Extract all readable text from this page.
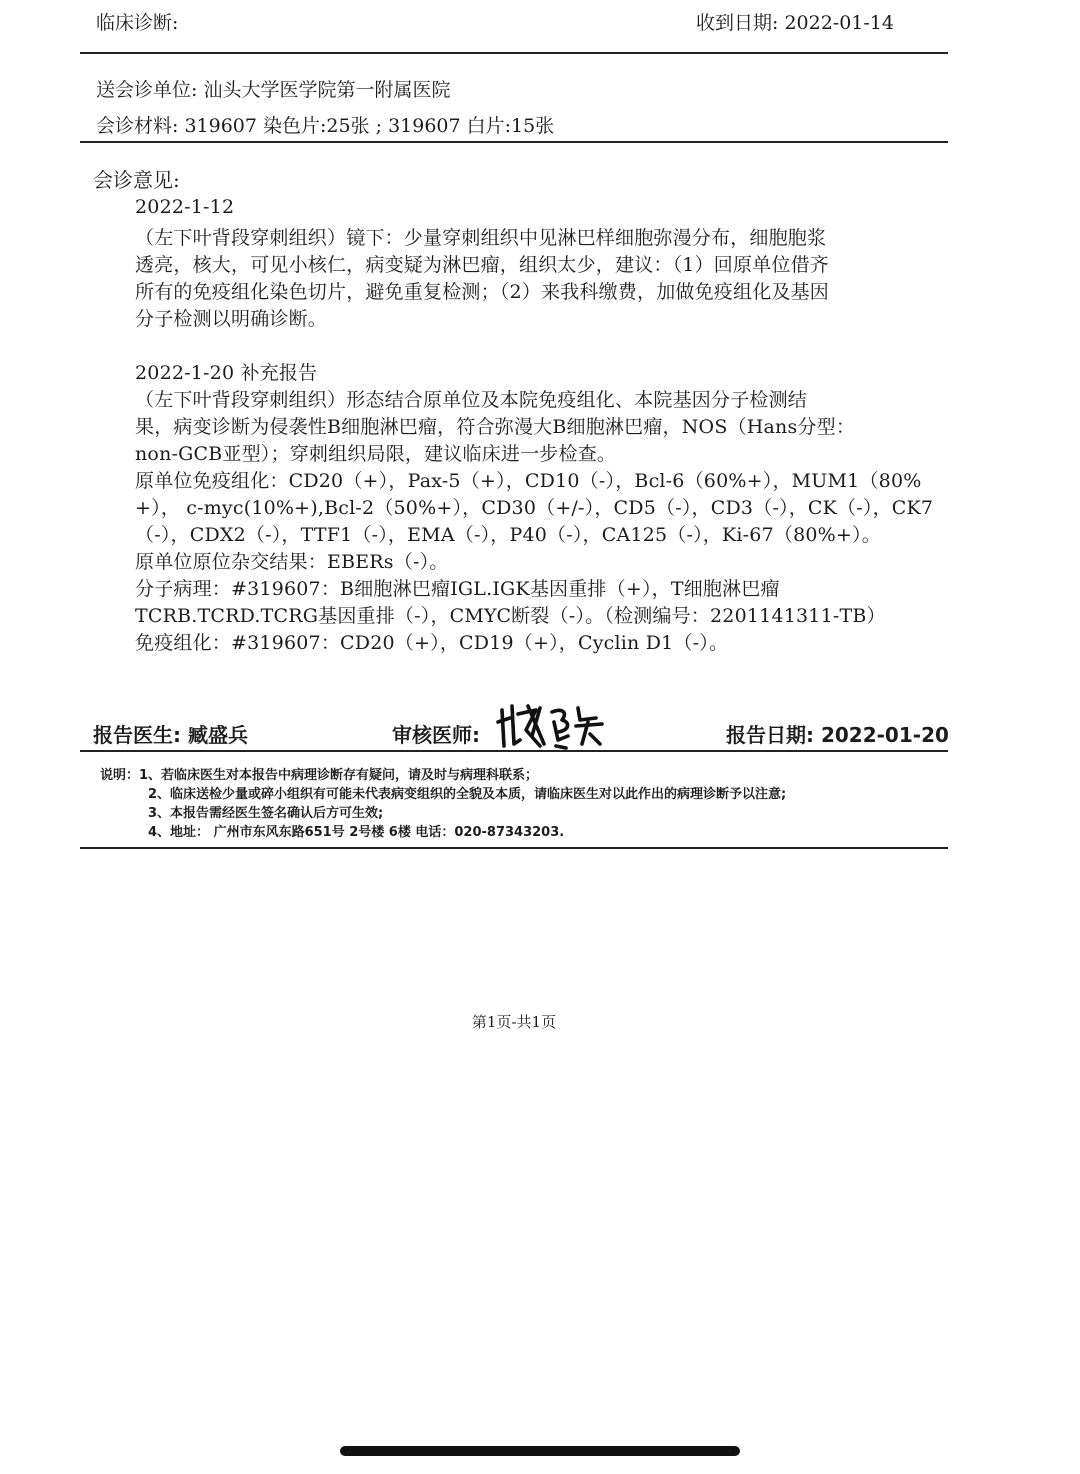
临床诊断:	收到日期: 2022-01-14
送会诊单位: 汕头大学医学院第一附属医院
会诊材料: 319607 染色片:25张 ; 319607 白片:15张
会诊意见:
2022-1-12
（左下叶背段穿刺组织）镜下：少量穿刺组织中见淋巴样细胞弥漫分布，细胞胞浆
透亮，核大，可见小核仁，病变疑为淋巴瘤，组织太少，建议：（1）回原单位借齐
所有的免疫组化染色切片，避免重复检测；（2）来我科缴费，加做免疫组化及基因
分子检测以明确诊断。
2022-1-20 补充报告
（左下叶背段穿刺组织）形态结合原单位及本院免疫组化、本院基因分子检测结
果，病变诊断为侵袭性B细胞淋巴瘤，符合弥漫大B细胞淋巴瘤，NOS（Hans分型：
non-GCB亚型）；穿刺组织局限，建议临床进一步检查。
原单位免疫组化：CD20（+），Pax-5（+），CD10（-），Bcl-6（60%+），MUM1（80%
+）， c-myc(10%+),Bcl-2（50%+），CD30（+/-），CD5（-），CD3（-），CK（-），CK7
（-），CDX2（-），TTF1（-），EMA（-），P40（-），CA125（-），Ki-67（80%+）。
原单位原位杂交结果：EBERs（-）。
分子病理：#319607：B细胞淋巴瘤IGL.IGK基因重排（+），T细胞淋巴瘤
TCRB.TCRD.TCRG基因重排（-），CMYC断裂（-）。（检测编号：2201141311-TB）
免疫组化：#319607：CD20（+），CD19（+），Cyclin D1（-）。
报告医生: 臧盛兵	审核医师:	报告日期: 2022-01-20
说明：1、若临床医生对本报告中病理诊断存有疑问，请及时与病理科联系；
2、临床送检少量或碎小组织有可能未代表病变组织的全貌及本质，请临床医生对以此作出的病理诊断予以注意;
3、本报告需经医生签名确认后方可生效;
4、地址： 广州市东风东路651号 2号楼 6楼 电话：020-87343203.
第1页-共1页
